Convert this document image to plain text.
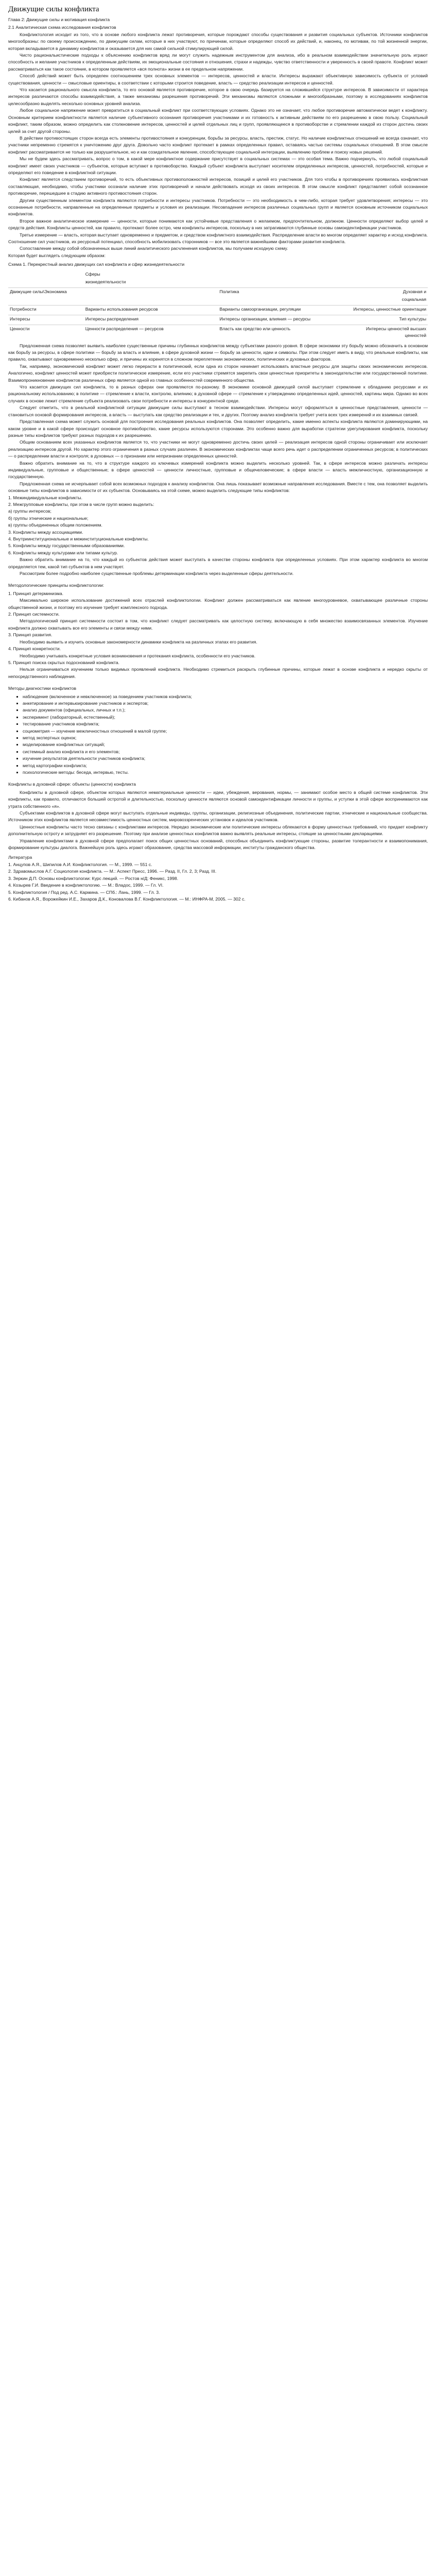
Движущие силы конфликта
Глава 2: Движущие силы и мотивация конфликта
2.1 Аналитическая схема исследования конфликтов

Конфликтология исходит из того, что в основе любого конфликта лежат противоречия, которые порождают способы существования и развития социальных субъектов. Источники конфликтов многообразны: по своему происхождению, по движущим силам, которые в них участвуют, по причинам, которые определяют способ их действий, и, наконец, по мотивам, по той жизненной энергии, которая вкладывается в динамику конфликтов и оказывается для них самой сильной стимулирующей силой.

Чисто рациональистические подходы к объяснению конфликтов вряд ли могут служить надежным инструментом для анализа, ибо в реальном взаимодействии значительную роль играют способность и желание участников к определенным действиям, их эмоциональные состояния и отношения, страхи и надежды, чувство ответственности и уверенность в своей правоте. Конфликт может рассматриваться как такое состояние, в котором проявляется «вся полнота» жизни в ее предельном напряжении.

Способ действий может быть определен соотношением трех основных элементов — интересов, ценностей и власти. Интересы выражают объективную зависимость субъекта от условий существования, ценности — смысловые ориентиры, в соответствии с которыми строится поведение, власть — средство реализации интересов и ценностей.

Что касается рационального смысла конфликта, то его основой является противоречие, которое в свою очередь базируется на сложившейся структуре интересов. В зависимости от характера интересов различаются способы взаимодействия, а также механизмы разрешения противоречий. Эти механизмы являются сложными и многообразными, поэтому в исследованиях конфликтов целесообразно выделять несколько основных уровней анализа.

Любое социальное напряжение может превратиться в социальный конфликт при соответствующих условиях. Однако это не означает, что любое противоречие автоматически ведет к конфликту. Основным критерием конфликтности является наличие субъективного осознания противоречия участниками и их готовность к активным действиям по его разрешению в свою пользу. Социальный конфликт, таким образом, можно определить как столкновение интересов, ценностей и целей отдельных лиц и групп, проявляющееся в противоборстве и стремлении каждой из сторон достичь своих целей за счет другой стороны.

В действии противостоящих сторон всегда есть элементы противостояния и конкуренции, борьбы за ресурсы, власть, престиж, статус. Но наличие конфликтных отношений не всегда означает, что участники непременно стремятся к уничтожению друг друга. Довольно часто конфликт протекает в рамках определенных правил, оставаясь частью системы социальных отношений. В этом смысле конфликт рассматривается не только как разрушительное, но и как созидательное явление, способствующее социальной интеграции, выявлению проблем и поиску новых решений.

Мы не будем здесь рассматривать, вопрос о том, в какой мере конфликтное содержание присутствует в социальных системах — это особая тема. Важно подчеркнуть, что любой социальный конфликт имеет своих участников — субъектов, которые вступают в противоборство. Каждый субъект конфликта выступает носителем определенных интересов, ценностей, потребностей, которые и определяют его поведение в конфликтной ситуации.

Конфликт является следствием противоречий, то есть объективных противоположностей интересов, позиций и целей его участников. Для того чтобы в противоречиях проявилась конфликтная составляющая, необходимо, чтобы участники осознали наличие этих противоречий и начали действовать исходя из своих интересов. В этом смысле конфликт представляет собой осознанное противоречие, перешедшее в стадию активного противостояния сторон.

Другим существенным элементом конфликта являются потребности и интересы участников. Потребности — это необходимость в чем-либо, которая требует удовлетворения; интересы — это осознанные потребности, направленные на определенные предметы и условия их реализации. Несовпадение интересов различных социальных групп и является основным источником социальных конфликтов.

Второе важное аналитическое измерение — ценности, которые понимаются как устойчивые представления о желаемом, предпочтительном, должном. Ценности определяют выбор целей и средств действия. Конфликты ценностей, как правило, протекают более остро, чем конфликты интересов, поскольку в них затрагиваются глубинные основы самоидентификации участников.

Третье измерение — власть, которая выступает одновременно и предметом, и средством конфликтного взаимодействия. Распределение власти во многом определяет характер и исход конфликта. Соотношение сил участников, их ресурсный потенциал, способность мобилизовать сторонников — все это является важнейшими факторами развития конфликта.

Сопоставление между собой обозначенных выше линий аналитического расчленения конфликтов, мы получаем исходную схему.

Которая будет выглядеть следующим образом:

Схема 1. Перекрестный анализ движущих сил конфликта и сфер жизнедеятельности
	Сферы		
	жизнедеятельности		

Движущие силы\Экономика		Политика	Духовная и
			социальная

Потребности	Варианты использования ресурсов	Варианты самоорганизации, регуляции	Интересы, ценностные ориентации

Интересы	Интересы распределения	Интересы организации, влияния — ресурсы	Тип культуры

Ценности	Ценности распределения — ресурсов	Власть как средство или ценность	Интересы ценностей высших ценностей

Предложенная схема позволяет выявить наиболее существенные причины глубинных конфликтов между субъектами разного уровня. В сфере экономики эту борьбу можно обозначить в основном как борьбу за ресурсы, в сфере политики — борьбу за власть и влияние, в сфере духовной жизни — борьбу за ценности, идеи и символы. При этом следует иметь в виду, что реальные конфликты, как правило, охватывают одновременно несколько сфер, и причины их коренятся в сложном переплетении экономических, политических и духовных факторов.

Так, например, экономический конфликт может легко перерасти в политический, если одна из сторон начинает использовать властные ресурсы для защиты своих экономических интересов. Аналогично, конфликт ценностей может приобрести политическое измерение, если его участники стремятся закрепить свои ценностные приоритеты в законодательстве или государственной политике. Взаимопроникновение конфликтов различных сфер является одной из главных особенностей современного общества.

Что касается движущих сил конфликта, то в разных сферах они проявляются по-разному. В экономике основной движущей силой выступает стремление к обладанию ресурсами и их рациональному использованию; в политике — стремление к власти, контролю, влиянию; в духовной сфере — стремление к утверждению определенных идей, ценностей, картины мира. Однако во всех случаях в основе лежит стремление субъекта реализовать свои потребности и интересы в конкурентной среде.

Следует отметить, что в реальной конфликтной ситуации движущие силы выступают в тесном взаимодействии. Интересы могут оформляться в ценностные представления, ценности — становиться основой формирования интересов, а власть — выступать как средство реализации и тех, и других. Поэтому анализ конфликта требует учета всех трех измерений и их взаимных связей.

Представленная схема может служить основой для построения исследования реальных конфликтов. Она позволяет определить, какие именно аспекты конфликта являются доминирующими, на каком уровне и в какой сфере происходит основное противоборство, какие ресурсы используются сторонами. Это особенно важно для выработки стратегии урегулирования конфликта, поскольку разные типы конфликтов требуют разных подходов к их разрешению.

Общим основанием всех указанных конфликтов является то, что участники не могут одновременно достичь своих целей — реализация интересов одной стороны ограничивает или исключает реализацию интересов другой. Но характер этого ограничения в разных случаях различен. В экономических конфликтах чаще всего речь идет о распределении ограниченных ресурсов; в политических — о распределении власти и контроля; в духовных — о признании или непризнании определенных ценностей.

Важно обратить внимание на то, что в структуре каждого из ключевых измерений конфликта можно выделить несколько уровней. Так, в сфере интересов можно различать интересы индивидуальные, групповые и общественные; в сфере ценностей — ценности личностные, групповые и общечеловеческие; в сфере власти — власть межличностную, организационную и государственную.

Предложенная схема не исчерпывает собой всех возможных подходов к анализу конфликтов. Она лишь показывает возможные направления исследования. Вместе с тем, она позволяет выделить основные типы конфликтов в зависимости от их субъектов. Основываясь на этой схеме, можно выделить следующие типы конфликтов:

1. Межиндивидуальные конфликты.

2. Межгрупповые конфликты, при этом в числе групп можно выделить:

а) группы интересов;

б) группы этнические и национальные;

в) группы объединенных общим положением.

3. Конфликты между ассоциациями.

4. Внутриинституциональные и межинституциональные конфликты.

5. Конфликты между государственными образованиями.

6. Конфликты между культурами или типами культур.

Важно обратить внимание на то, что каждый из субъектов действия может выступать в качестве стороны конфликта при определенных условиях. При этом характер конфликта во многом определяется тем, какой тип субъектов в нем участвует.

Рассмотрим более подробно наиболее существенные проблемы детерминации конфликта через выделенные сферы деятельности.

Методологические принципы конфликтологии:

1. Принцип детерминизма.

Максимально широкое использование достижений всех отраслей конфликтологии. Конфликт должен рассматриваться как явление многоуровневое, охватывающее различные стороны общественной жизни, и поэтому его изучение требует комплексного подхода.

2. Принцип системности.

Методологический принцип системности состоит в том, что конфликт следует рассматривать как целостную систему, включающую в себя множество взаимосвязанных элементов. Изучение конфликта должно охватывать все его элементы и связи между ними.

3. Принцип развития.

Необходимо выявить и изучить основные закономерности динамики конфликта на различных этапах его развития.

4. Принцип конкретности.

Необходимо учитывать конкретные условия возникновения и протекания конфликта, особенности его участников.

5. Принцип поиска скрытых подоснований конфликта.

Нельзя ограничиваться изучением только видимых проявлений конфликта. Необходимо стремиться раскрыть глубинные причины, которые лежат в основе конфликта и нередко скрыты от непосредственного наблюдения.

Методы диагностики конфликтов
▪ наблюдение (включенное и невключенное) за поведением участников конфликта;
▪ анкетирование и интервьюирование участников и экспертов;
▪ анализ документов (официальных, личных и т.п.);
▪ эксперимент (лабораторный, естественный);
▪ тестирование участников конфликта;
▪ социометрия — изучение межличностных отношений в малой группе;
▪ метод экспертных оценок;
▪ моделирование конфликтных ситуаций;
▪ системный анализ конфликта и его элементов;
▪ изучение результатов деятельности участников конфликта;
▪ метод картографии конфликта;
▪ психологические методы: беседа, интервью, тесты.
Конфликты в духовной сфере: объекты (ценности) конфликта

Конфликты в духовной сфере, объектом которых являются нематериальные ценности — идеи, убеждения, верования, нормы, — занимают особое место в общей системе конфликтов. Эти конфликты, как правило, отличаются большей остротой и длительностью, поскольку ценности являются основой самоидентификации личности и группы, и уступки в этой сфере воспринимаются как утрата собственного «я».

Субъектами конфликтов в духовной сфере могут выступать отдельные индивиды, группы, организации, религиозные объединения, политические партии, этнические и национальные сообщества. Источником этих конфликтов является несовместимость ценностных систем, мировоззренческих установок и идеалов участников.

Ценностные конфликты часто тесно связаны с конфликтами интересов. Нередко экономические или политические интересы облекаются в форму ценностных требований, что придает конфликту дополнительную остроту и затрудняет его разрешение. Поэтому при анализе ценностных конфликтов важно выявлять реальные интересы, стоящие за ценностными декларациями.

Управление конфликтами в духовной сфере предполагает поиск общих ценностных оснований, способных объединить конфликтующие стороны, развитие толерантности и взаимопонимания, формирование культуры диалога. Важнейшую роль здесь играют образование, средства массовой информации, институты гражданского общества.

Литература

1. Анцупов А.Я., Шипилов А.И. Конфликтология. — М., 1999. — 551 с.

2. Здравомыслов А.Г. Социология конфликта. — М.: Аспект Пресс, 1996. — Разд. II, Гл. 2, 3; Разд. III.

3. Зеркин Д.П. Основы конфликтологии: Курс лекций. — Ростов н/Д: Феникс, 1998.

4. Козырев Г.И. Введение в конфликтологию. — М.: Владос, 1999. — Гл. VI.

5. Конфликтология / Под ред. А.С. Кармина. — СПб.: Лань, 1999. — Гл. 3.

6. Кибанов А.Я., Ворожейкин И.Е., Захаров Д.К., Коновалова В.Г. Конфликтология. — М.: ИНФРА-М, 2005. — 302 с.
